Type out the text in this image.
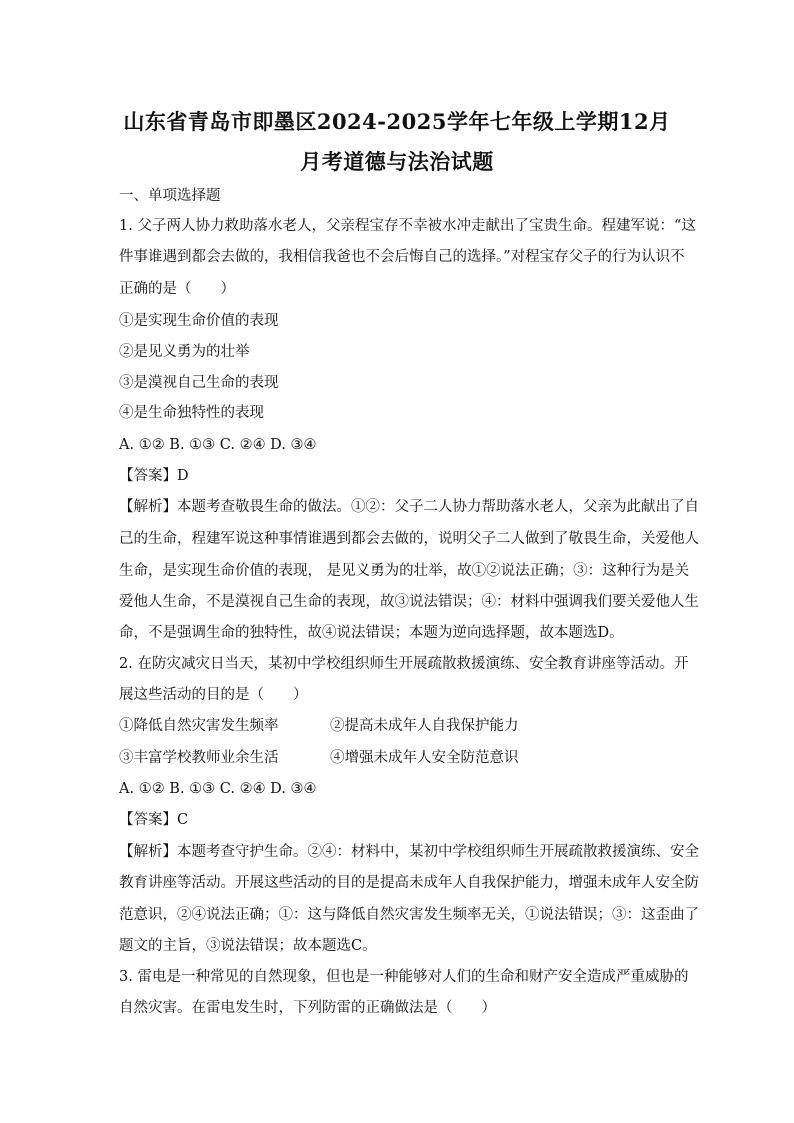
山东省青岛市即墨区2024-2025学年七年级上学期12月
月考道德与法治试题
一、单项选择题
1. 父子两人协力救助落水老人，父亲程宝存不幸被水冲走献出了宝贵生命。程建军说：“这
件事谁遇到都会去做的，我相信我爸也不会后悔自己的选择。”对程宝存父子的行为认识不
正确的是（　　）
①是实现生命价值的表现
②是见义勇为的壮举
③是漠视自己生命的表现
④是生命独特性的表现
A. ①② B. ①③ C. ②④ D. ③④
【答案】D
【解析】本题考查敬畏生命的做法。①②：父子二人协力帮助落水老人，父亲为此献出了自
己的生命，程建军说这种事情谁遇到都会去做的，说明父子二人做到了敬畏生命，关爱他人
生命，是实现生命价值的表现， 是见义勇为的壮举，故①②说法正确；③：这种行为是关
爱他人生命，不是漠视自己生命的表现，故③说法错误；④：材料中强调我们要关爱他人生
命，不是强调生命的独特性，故④说法错误；本题为逆向选择题，故本题选D。
2. 在防灾减灾日当天，某初中学校组织师生开展疏散救援演练、安全教育讲座等活动。开
展这些活动的目的是（　　）
①降低自然灾害发生频率	②提高未成年人自我保护能力
③丰富学校教师业余生活	④增强未成年人安全防范意识
A. ①② B. ①③ C. ②④ D. ③④
【答案】C
【解析】本题考查守护生命。②④：材料中，某初中学校组织师生开展疏散救援演练、安全
教育讲座等活动。开展这些活动的目的是提高未成年人自我保护能力，增强未成年人安全防
范意识，②④说法正确；①：这与降低自然灾害发生频率无关，①说法错误；③：这歪曲了
题文的主旨，③说法错误；故本题选C。
3. 雷电是一种常见的自然现象，但也是一种能够对人们的生命和财产安全造成严重威胁的
自然灾害。在雷电发生时，下列防雷的正确做法是（　　）
